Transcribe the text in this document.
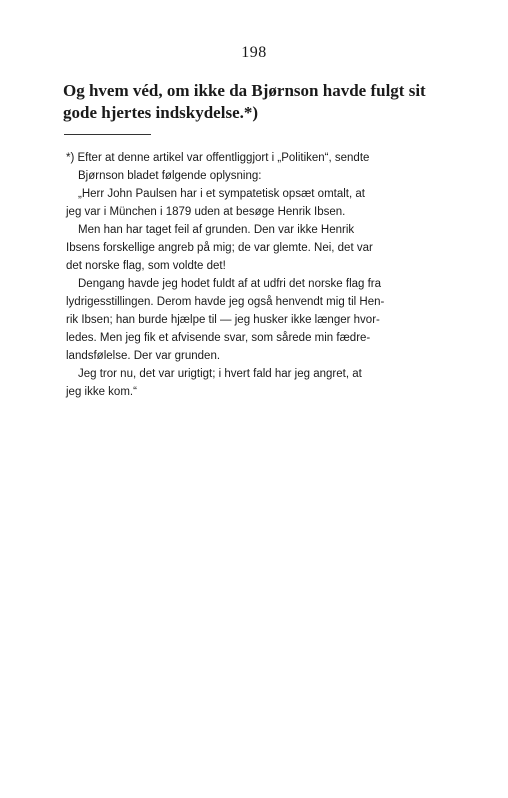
198
Og hvem véd, om ikke da Bjørnson havde fulgt sit
gode hjertes indskydelse.*)
*) Efter at denne artikel var offentliggjort i „Politiken“, sendte
Bjørnson bladet følgende oplysning:
„Herr John Paulsen har i et sympatetisk opsæt omtalt, at
jeg var i München i 1879 uden at besøge Henrik Ibsen.
Men han har taget feil af grunden. Den var ikke Henrik
Ibsens forskellige angreb på mig; de var glemte. Nei, det var
det norske flag, som voldte det!
Dengang havde jeg hodet fuldt af at udfri det norske flag fra
lydrigesstillingen. Derom havde jeg også henvendt mig til Hen-
rik Ibsen; han burde hjælpe til — jeg husker ikke længer hvor-
ledes. Men jeg fik et afvisende svar, som sårede min fædre-
landsfølelse. Der var grunden.
Jeg tror nu, det var urigtigt; i hvert fald har jeg angret, at
jeg ikke kom.“
